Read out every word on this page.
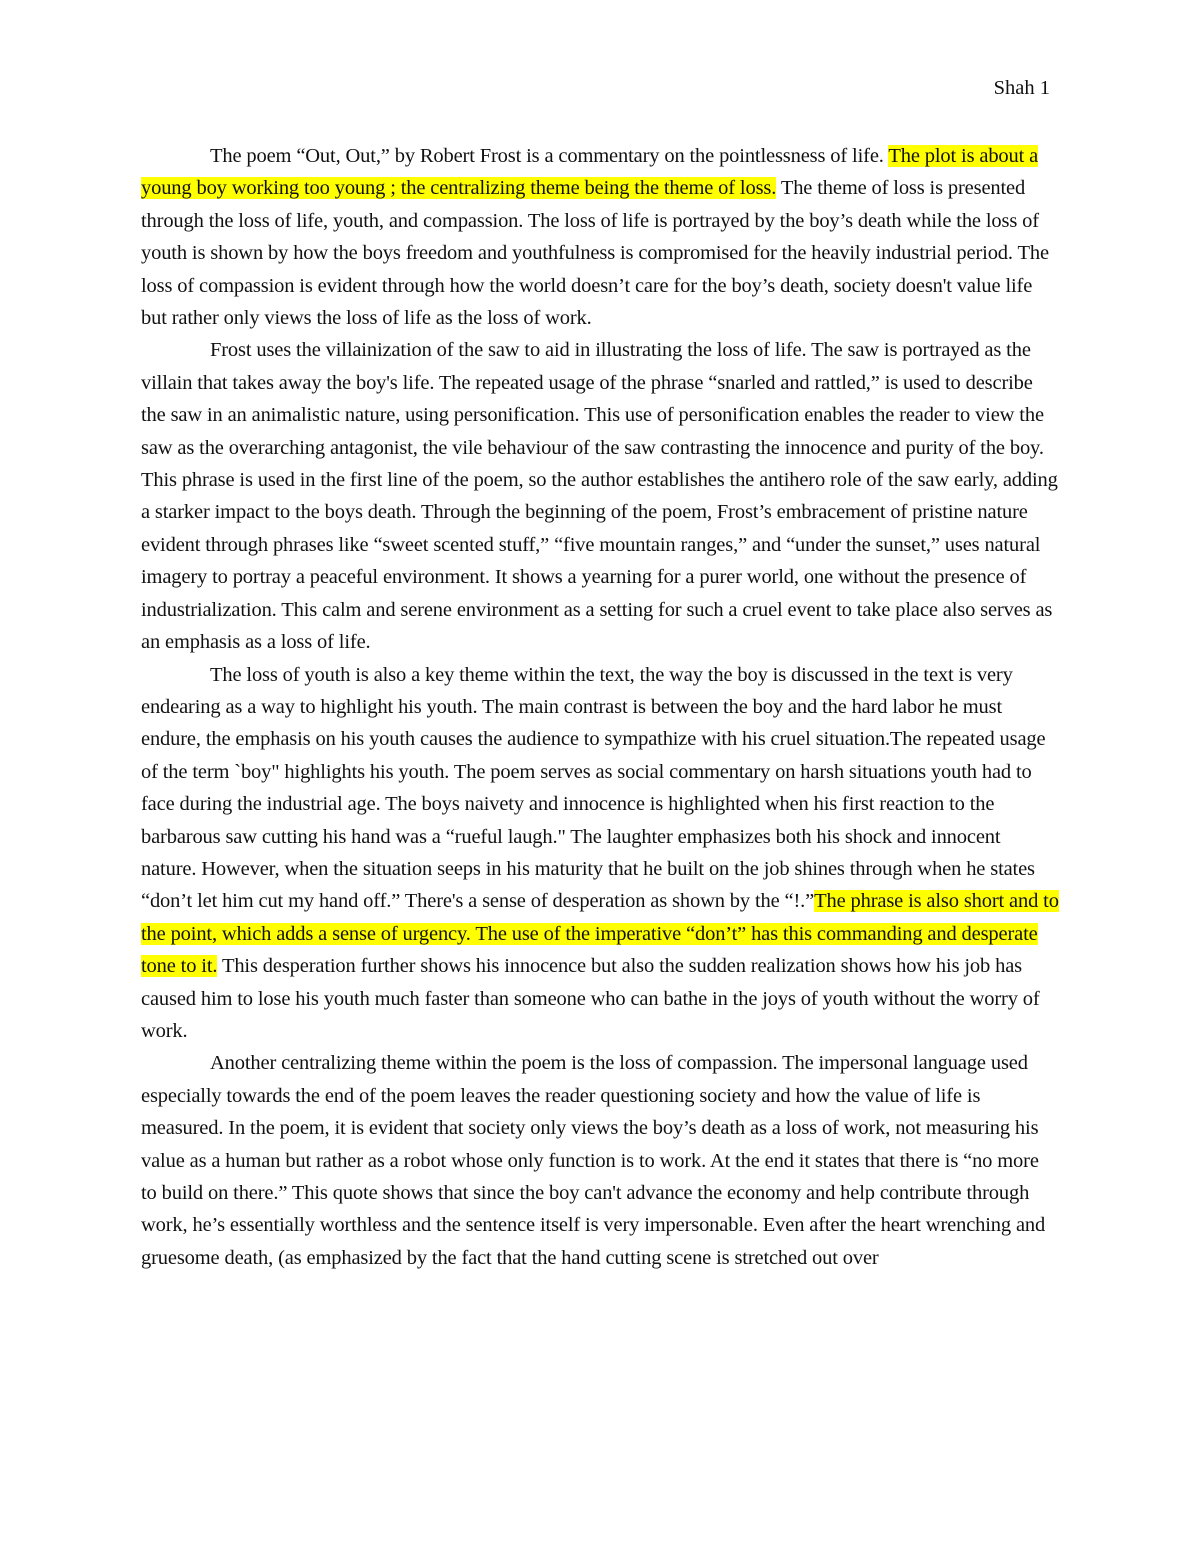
Shah 1

The poem “Out, Out,” by Robert Frost is a commentary on the pointlessness of life. The plot is about a young boy working too young ; the centralizing theme being the theme of loss. The theme of loss is presented through the loss of life, youth, and compassion. The loss of life is portrayed by the boy’s death while the loss of youth is shown by how the boys freedom and youthfulness is compromised for the heavily industrial period. The loss of compassion is evident through how the world doesn’t care for the boy’s death, society doesn't value life but rather only views the loss of life as the loss of work.

Frost uses the villainization of the saw to aid in illustrating the loss of life. The saw is portrayed as the villain that takes away the boy's life. The repeated usage of the phrase “snarled and rattled,” is used to describe the saw in an animalistic nature, using personification. This use of personification enables the reader to view the saw as the overarching antagonist, the vile behaviour of the saw contrasting the innocence and purity of the boy. This phrase is used in the first line of the poem, so the author establishes the antihero role of the saw early, adding a starker impact to the boys death. Through the beginning of the poem, Frost’s embracement of pristine nature evident through phrases like “sweet scented stuff,” “five mountain ranges,” and “under the sunset,” uses natural imagery to portray a peaceful environment. It shows a yearning for a purer world, one without the presence of industrialization. This calm and serene environment as a setting for such a cruel event to take place also serves as an emphasis as a loss of life.

The loss of youth is also a key theme within the text, the way the boy is discussed in the text is very endearing as a way to highlight his youth. The main contrast is between the boy and the hard labor he must endure, the emphasis on his youth causes the audience to sympathize with his cruel situation.The repeated usage of the term `boy" highlights his youth. The poem serves as social commentary on harsh situations youth had to face during the industrial age. The boys naivety and innocence is highlighted when his first reaction to the barbarous saw cutting his hand was a “rueful laugh." The laughter emphasizes both his shock and innocent nature. However, when the situation seeps in his maturity that he built on the job shines through when he states “don’t let him cut my hand off.” There's a sense of desperation as shown by the “!.”The phrase is also short and to the point, which adds a sense of urgency. The use of the imperative “don’t” has this commanding and desperate tone to it. This desperation further shows his innocence but also the sudden realization shows how his job has caused him to lose his youth much faster than someone who can bathe in the joys of youth without the worry of work.

Another centralizing theme within the poem is the loss of compassion. The impersonal language used especially towards the end of the poem leaves the reader questioning society and how the value of life is measured. In the poem, it is evident that society only views the boy’s death as a loss of work, not measuring his value as a human but rather as a robot whose only function is to work. At the end it states that there is “no more to build on there.” This quote shows that since the boy can't advance the economy and help contribute through work, he’s essentially worthless and the sentence itself is very impersonable. Even after the heart wrenching and gruesome death, (as emphasized by the fact that the hand cutting scene is stretched out over
